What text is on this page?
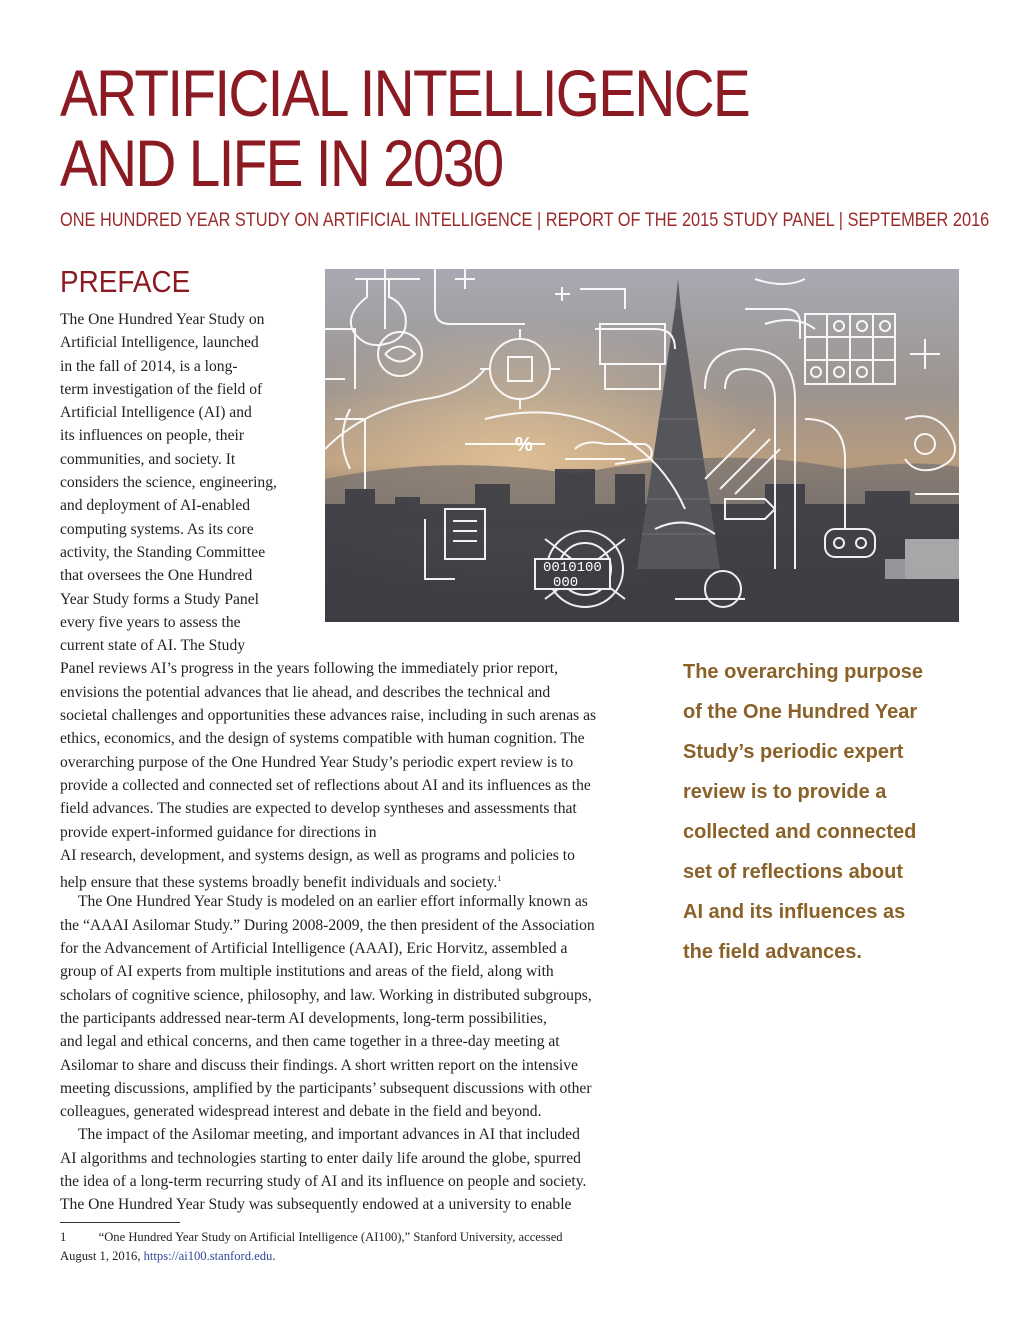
ARTIFICIAL INTELLIGENCE
AND LIFE IN 2030
ONE HUNDRED YEAR STUDY ON ARTIFICIAL INTELLIGENCE | REPORT OF THE 2015 STUDY PANEL | SEPTEMBER 2016
PREFACE
0010100
000
%
The One Hundred Year Study on
Artificial Intelligence, launched
in the fall of 2014, is a long-
term investigation of the field of
Artificial Intelligence (AI) and
its influences on people, their
communities, and society. It
considers the science, engineering,
and deployment of AI-enabled
computing systems. As its core
activity, the Standing Committee
that oversees the One Hundred
Year Study forms a Study Panel
every five years to assess the
current state of AI. The Study
Panel reviews AI’s progress in the years following the immediately prior report,
envisions the potential advances that lie ahead, and describes the technical and
societal challenges and opportunities these advances raise, including in such arenas as
ethics, economics, and the design of systems compatible with human cognition. The
overarching purpose of the One Hundred Year Study’s periodic expert review is to
provide a collected and connected set of reflections about AI and its influences as the
field advances. The studies are expected to develop syntheses and assessments that
provide expert-informed guidance for directions in
AI research, development, and systems design, as well as programs and policies to
help ensure that these systems broadly benefit individuals and society.$^1$
The One Hundred Year Study is modeled on an earlier effort informally known as
the “AAAI Asilomar Study.” During 2008-2009, the then president of the Association
for the Advancement of Artificial Intelligence (AAAI), Eric Horvitz, assembled a
group of AI experts from multiple institutions and areas of the field, along with
scholars of cognitive science, philosophy, and law. Working in distributed subgroups,
the participants addressed near-term AI developments, long-term possibilities,
and legal and ethical concerns, and then came together in a three-day meeting at
Asilomar to share and discuss their findings. A short written report on the intensive
meeting discussions, amplified by the participants’ subsequent discussions with other
colleagues, generated widespread interest and debate in the field and beyond.
The impact of the Asilomar meeting, and important advances in AI that included
AI algorithms and technologies starting to enter daily life around the globe, spurred
the idea of a long-term recurring study of AI and its influence on people and society.
The One Hundred Year Study was subsequently endowed at a university to enable
The overarching purpose
of the One Hundred Year
Study’s periodic expert
review is to provide a
collected and connected
set of reflections about
AI and its influences as
the field advances.
1	“One Hundred Year Study on Artificial Intelligence (AI100),” Stanford University, accessed
August 1, 2016, https://ai100.stanford.edu.
